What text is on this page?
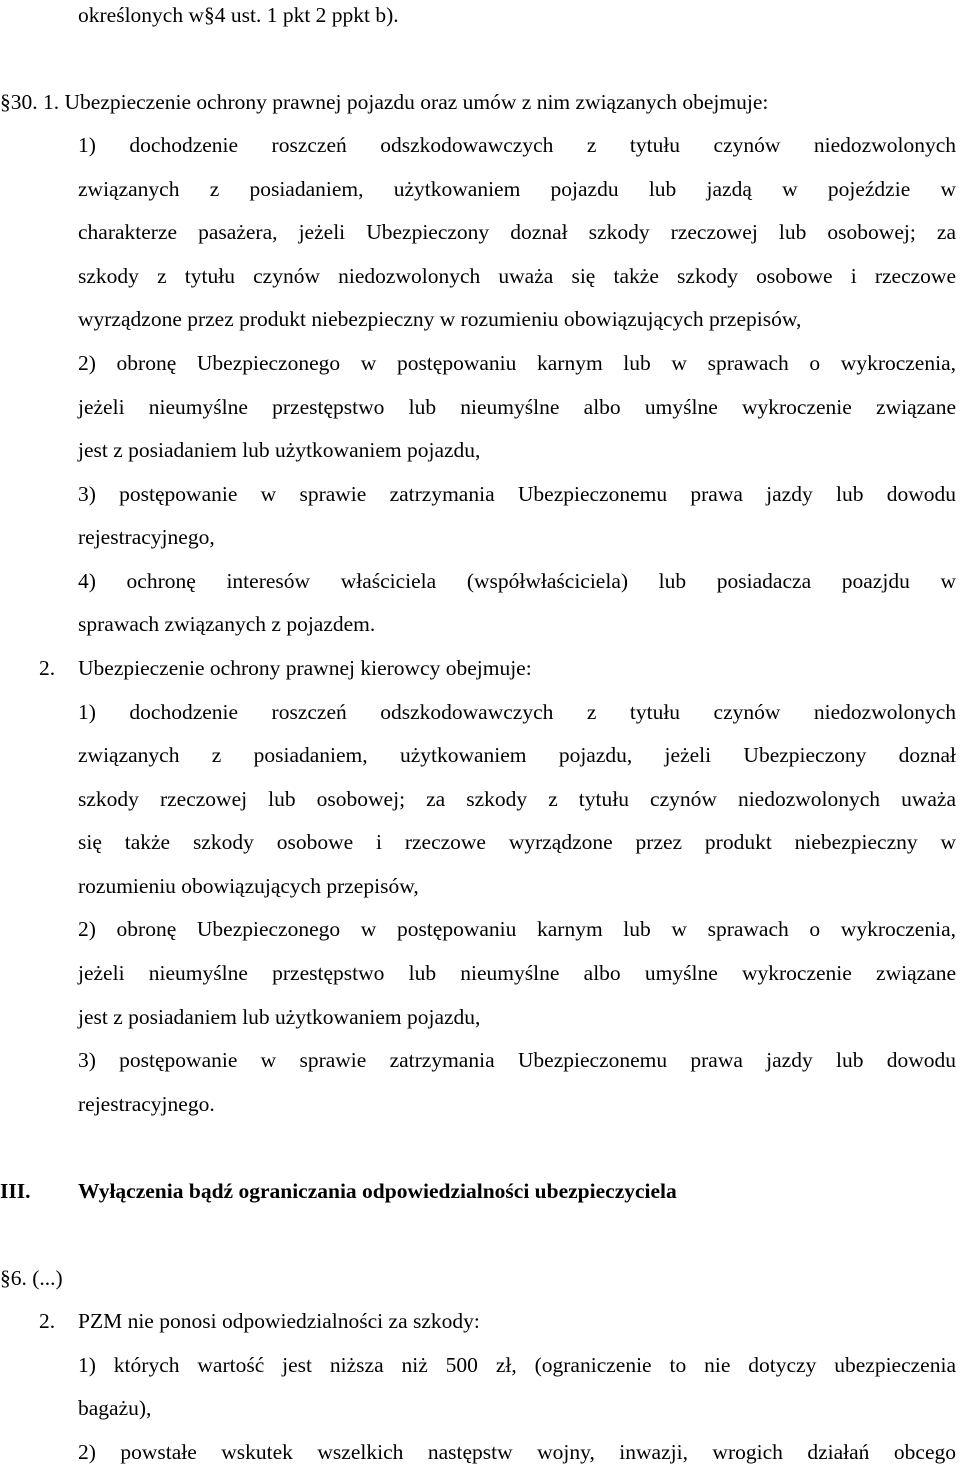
określonych w§4 ust. 1 pkt 2 ppkt b).
§30. 1. Ubezpieczenie ochrony prawnej pojazdu oraz umów z nim związanych obejmuje:
1) dochodzenie roszczeń odszkodowawczych z tytułu czynów niedozwolonych
związanych z posiadaniem, użytkowaniem pojazdu lub jazdą w pojeździe w
charakterze pasażera, jeżeli Ubezpieczony doznał szkody rzeczowej lub osobowej; za
szkody z tytułu czynów niedozwolonych uważa się także szkody osobowe i rzeczowe
wyrządzone przez produkt niebezpieczny w rozumieniu obowiązujących przepisów,
2) obronę Ubezpieczonego w postępowaniu karnym lub w sprawach o wykroczenia,
jeżeli nieumyślne przestępstwo lub nieumyślne albo umyślne wykroczenie związane
jest z posiadaniem lub użytkowaniem pojazdu,
3) postępowanie w sprawie zatrzymania Ubezpieczonemu prawa jazdy lub dowodu
rejestracyjnego,
4) ochronę interesów właściciela (współwłaściciela) lub posiadacza poazjdu w
sprawach związanych z pojazdem.
2. Ubezpieczenie ochrony prawnej kierowcy obejmuje:
1) dochodzenie roszczeń odszkodowawczych z tytułu czynów niedozwolonych
związanych z posiadaniem, użytkowaniem pojazdu, jeżeli Ubezpieczony doznał
szkody rzeczowej lub osobowej; za szkody z tytułu czynów niedozwolonych uważa
się także szkody osobowe i rzeczowe wyrządzone przez produkt niebezpieczny w
rozumieniu obowiązujących przepisów,
2) obronę Ubezpieczonego w postępowaniu karnym lub w sprawach o wykroczenia,
jeżeli nieumyślne przestępstwo lub nieumyślne albo umyślne wykroczenie związane
jest z posiadaniem lub użytkowaniem pojazdu,
3) postępowanie w sprawie zatrzymania Ubezpieczonemu prawa jazdy lub dowodu
rejestracyjnego.
III. Wyłączenia bądź ograniczania odpowiedzialności ubezpieczyciela
§6. (...)
2. PZM nie ponosi odpowiedzialności za szkody:
1) których wartość jest niższa niż 500 zł, (ograniczenie to nie dotyczy ubezpieczenia
bagażu),
2) powstałe wskutek wszelkich następstw wojny, inwazji, wrogich działań obcego
